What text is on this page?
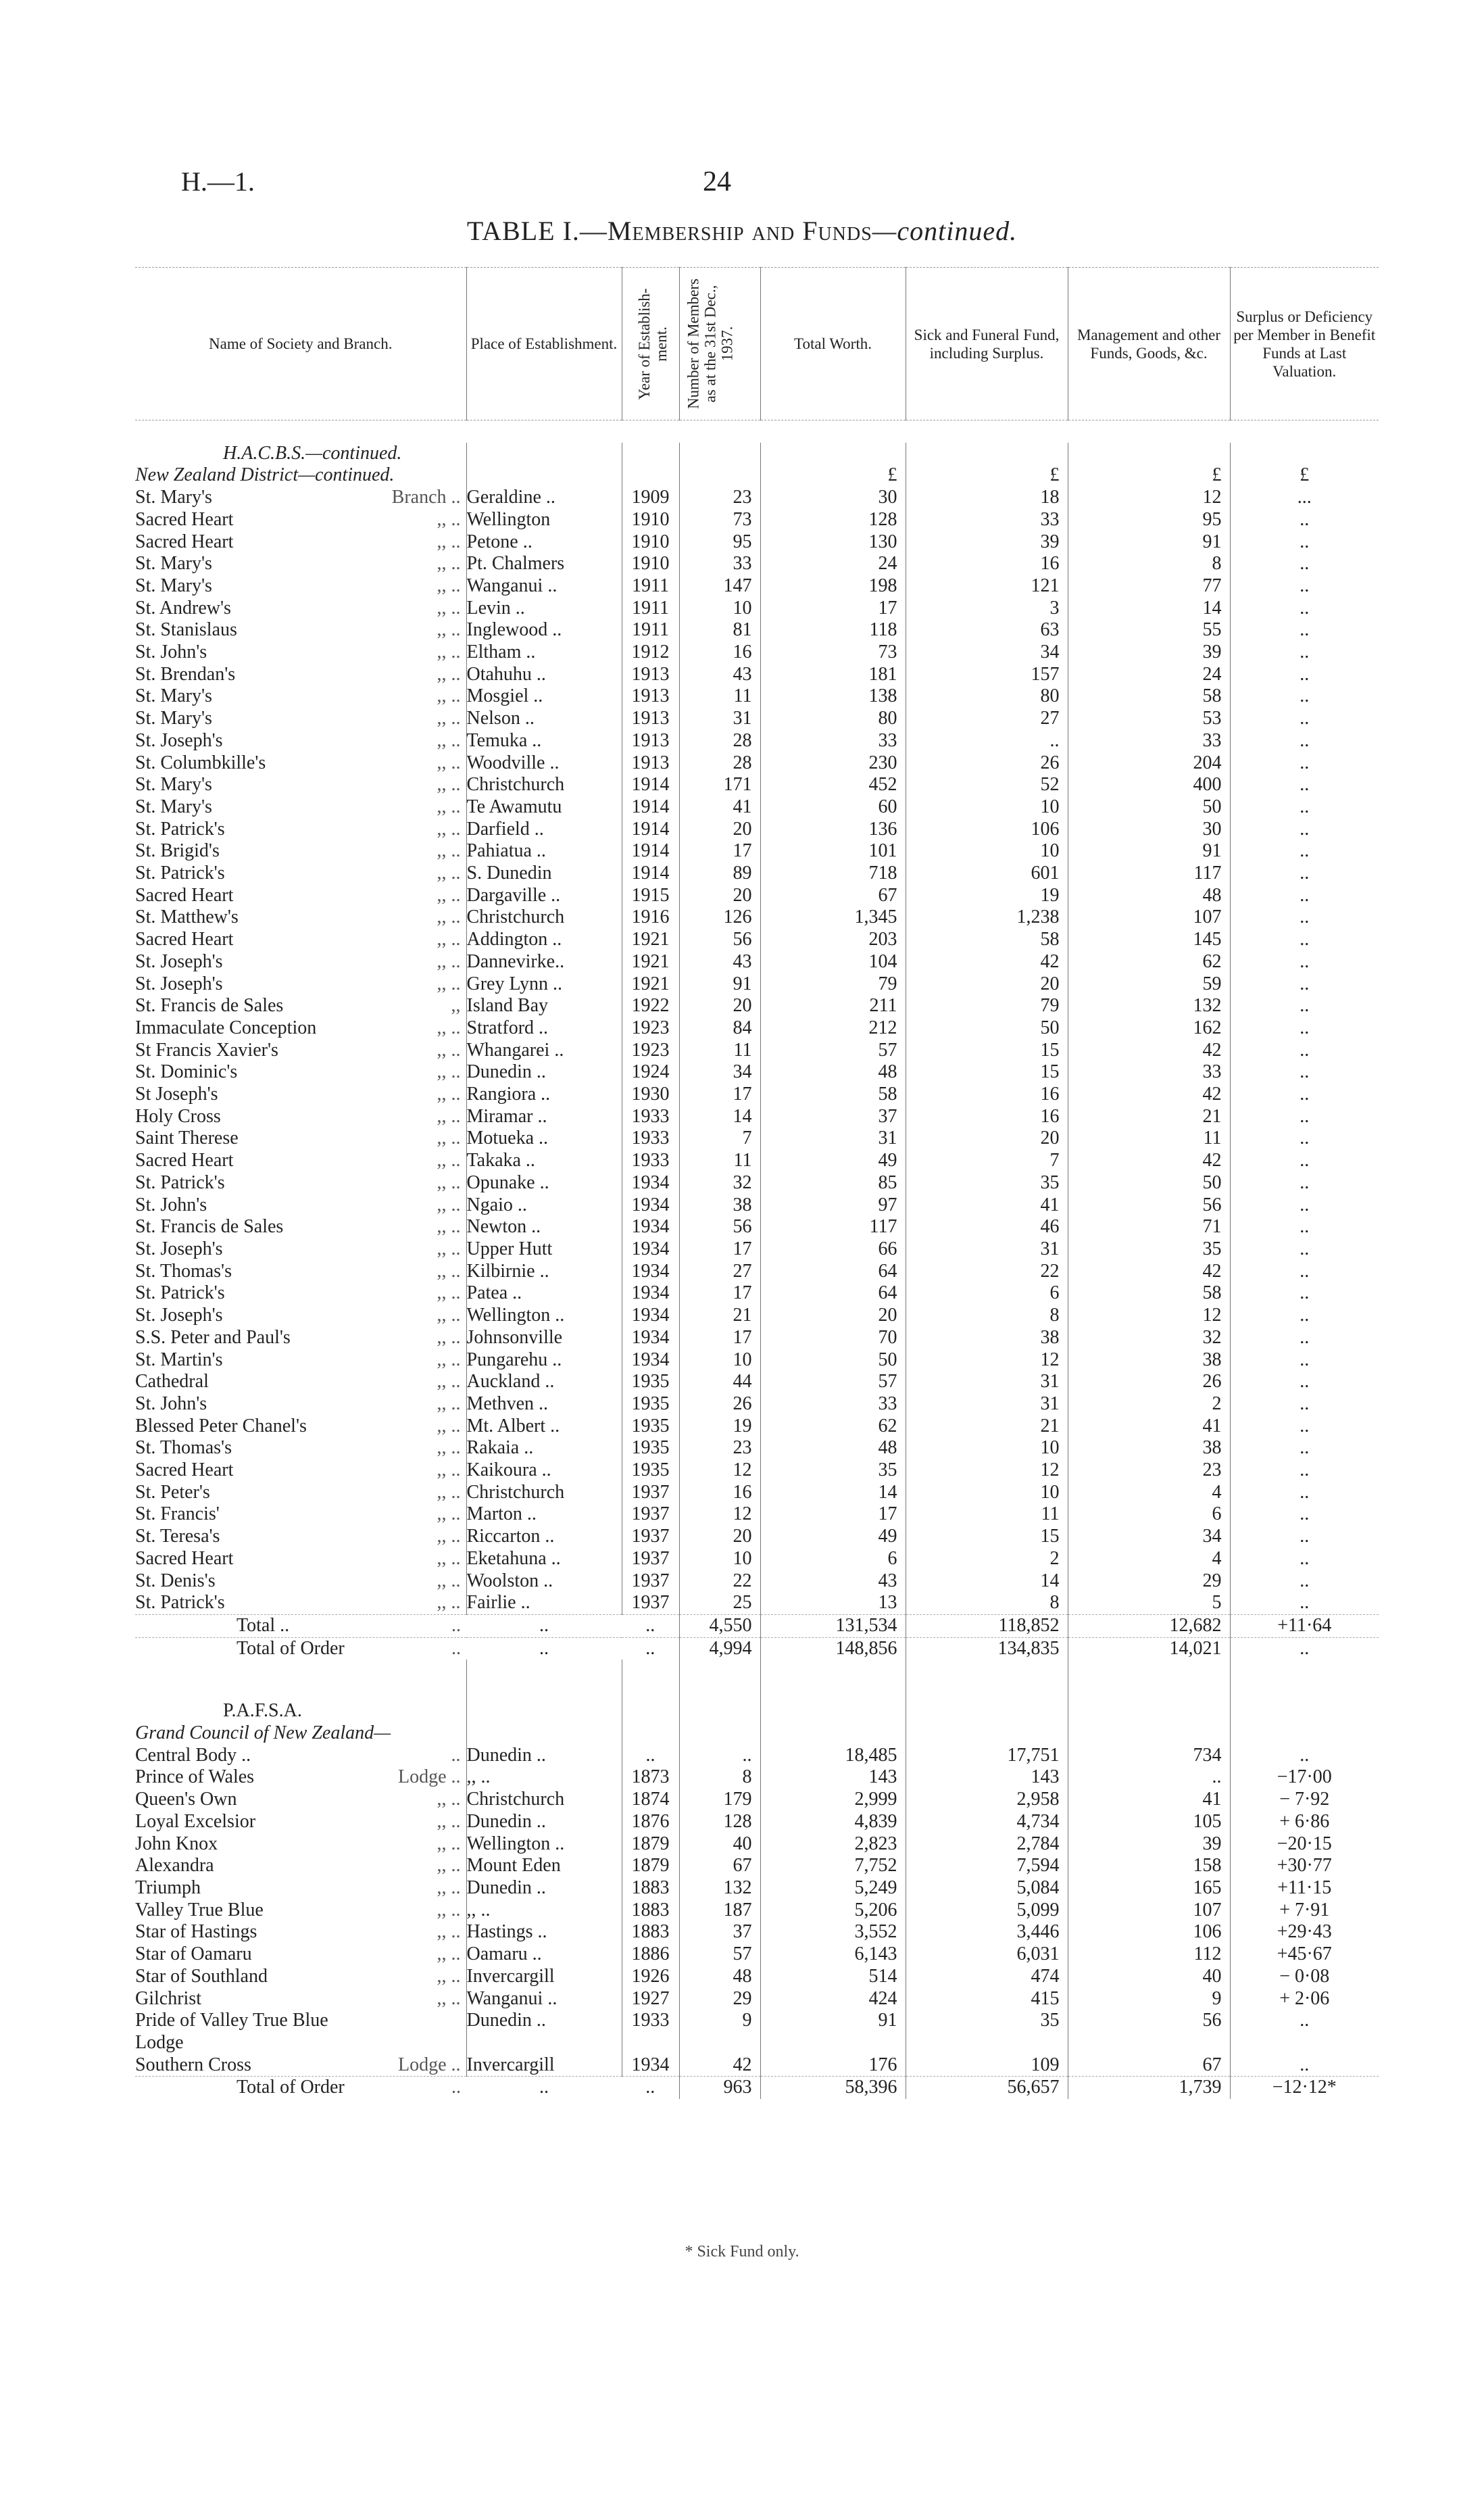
H.—1.	24
TABLE I.—Membership and Funds—continued.
Name of Society and Branch.	Place of Establishment.	Year of Establish-ment.	Number of Members as at the 31st Dec., 1937.	Total Worth.	Sick and Funeral Fund, including Surplus.	Management and other Funds, Goods, &c.	Surplus or Deficiency per Member in Benefit Funds at Last Valuation.

H.A.C.B.S.—continued.							
New Zealand District—continued.				£	£	£	£

St. Mary's Branch ..	Geraldine ..	1909	23	30	18	12	...

Sacred Heart ,, ..	Wellington	1910	73	128	33	95	..

Sacred Heart ,, ..	Petone ..	1910	95	130	39	91	..

St. Mary's ,, ..	Pt. Chalmers	1910	33	24	16	8	..

St. Mary's ,, ..	Wanganui ..	1911	147	198	121	77	..

St. Andrew's ,, ..	Levin ..	1911	10	17	3	14	..

St. Stanislaus ,, ..	Inglewood ..	1911	81	118	63	55	..

St. John's ,, ..	Eltham ..	1912	16	73	34	39	..

St. Brendan's ,, ..	Otahuhu ..	1913	43	181	157	24	..

St. Mary's ,, ..	Mosgiel ..	1913	11	138	80	58	..

St. Mary's ,, ..	Nelson ..	1913	31	80	27	53	..

St. Joseph's ,, ..	Temuka ..	1913	28	33	..	33	..

St. Columbkille's ,, ..	Woodville ..	1913	28	230	26	204	..

St. Mary's ,, ..	Christchurch	1914	171	452	52	400	..

St. Mary's ,, ..	Te Awamutu	1914	41	60	10	50	..

St. Patrick's ,, ..	Darfield ..	1914	20	136	106	30	..

St. Brigid's ,, ..	Pahiatua ..	1914	17	101	10	91	..

St. Patrick's ,, ..	S. Dunedin	1914	89	718	601	117	..

Sacred Heart ,, ..	Dargaville ..	1915	20	67	19	48	..

St. Matthew's ,, ..	Christchurch	1916	126	1,345	1,238	107	..

Sacred Heart ,, ..	Addington ..	1921	56	203	58	145	..

St. Joseph's ,, ..	Dannevirke..	1921	43	104	42	62	..

St. Joseph's ,, ..	Grey Lynn ..	1921	91	79	20	59	..

St. Francis de Sales ,,	Island Bay	1922	20	211	79	132	..

Immaculate Conception ,, ..	Stratford ..	1923	84	212	50	162	..

St Francis Xavier's ,, ..	Whangarei ..	1923	11	57	15	42	..

St. Dominic's ,, ..	Dunedin ..	1924	34	48	15	33	..

St Joseph's ,, ..	Rangiora ..	1930	17	58	16	42	..

Holy Cross ,, ..	Miramar ..	1933	14	37	16	21	..

Saint Therese ,, ..	Motueka ..	1933	7	31	20	11	..

Sacred Heart ,, ..	Takaka ..	1933	11	49	7	42	..

St. Patrick's ,, ..	Opunake ..	1934	32	85	35	50	..

St. John's ,, ..	Ngaio ..	1934	38	97	41	56	..

St. Francis de Sales ,, ..	Newton ..	1934	56	117	46	71	..

St. Joseph's ,, ..	Upper Hutt	1934	17	66	31	35	..

St. Thomas's ,, ..	Kilbirnie ..	1934	27	64	22	42	..

St. Patrick's ,, ..	Patea ..	1934	17	64	6	58	..

St. Joseph's ,, ..	Wellington ..	1934	21	20	8	12	..

S.S. Peter and Paul's ,, ..	Johnsonville	1934	17	70	38	32	..

St. Martin's ,, ..	Pungarehu ..	1934	10	50	12	38	..

Cathedral ,, ..	Auckland ..	1935	44	57	31	26	..

St. John's ,, ..	Methven ..	1935	26	33	31	2	..

Blessed Peter Chanel's ,, ..	Mt. Albert ..	1935	19	62	21	41	..

St. Thomas's ,, ..	Rakaia ..	1935	23	48	10	38	..

Sacred Heart ,, ..	Kaikoura ..	1935	12	35	12	23	..

St. Peter's ,, ..	Christchurch	1937	16	14	10	4	..

St. Francis' ,, ..	Marton ..	1937	12	17	11	6	..

St. Teresa's ,, ..	Riccarton ..	1937	20	49	15	34	..

Sacred Heart ,, ..	Eketahuna ..	1937	10	6	2	4	..

St. Denis's ,, ..	Woolston ..	1937	22	43	14	29	..

St. Patrick's ,, ..	Fairlie ..	1937	25	13	8	5	..

Total .. ..	..	..	4,550	131,534	118,852	12,682	+11·64

Total of Order ..	..	..	4,994	148,856	134,835	14,021	..

P.A.F.S.A.							
Grand Council of New Zealand—							

Central Body .. ..	Dunedin ..	..	..	18,485	17,751	734	..

Prince of Wales Lodge ..	,, ..	1873	8	143	143	..	−17·00

Queen's Own ,, ..	Christchurch	1874	179	2,999	2,958	41	− 7·92

Loyal Excelsior ,, ..	Dunedin ..	1876	128	4,839	4,734	105	+ 6·86

John Knox ,, ..	Wellington ..	1879	40	2,823	2,784	39	−20·15

Alexandra ,, ..	Mount Eden	1879	67	7,752	7,594	158	+30·77

Triumph ,, ..	Dunedin ..	1883	132	5,249	5,084	165	+11·15

Valley True Blue ,, ..	,, ..	1883	187	5,206	5,099	107	+ 7·91

Star of Hastings ,, ..	Hastings ..	1883	37	3,552	3,446	106	+29·43

Star of Oamaru ,, ..	Oamaru ..	1886	57	6,143	6,031	112	+45·67

Star of Southland ,, ..	Invercargill	1926	48	514	474	40	− 0·08

Gilchrist ,, ..	Wanganui ..	1927	29	424	415	9	+ 2·06

Pride of Valley True Blue	Dunedin ..	1933	9	91	35	56	..

Lodge							

Southern Cross Lodge ..	Invercargill	1934	42	176	109	67	..

Total of Order ..	..	..	963	58,396	56,657	1,739	−12·12*
* Sick Fund only.
